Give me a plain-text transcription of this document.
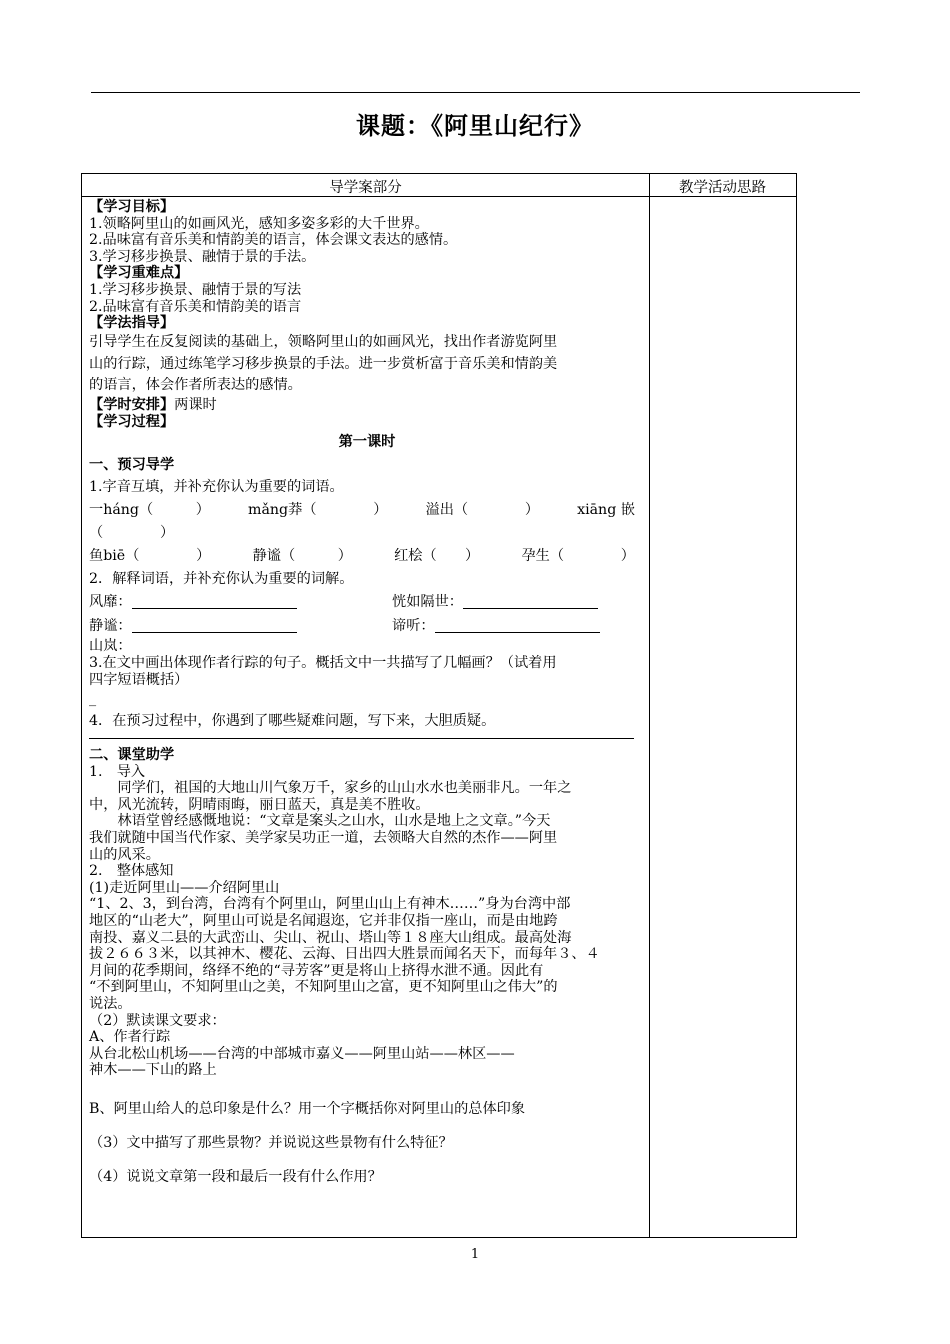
课题：《阿里山纪行》
导学案部分	教学活动思路
【学习目标】
1.领略阿里山的如画风光，感知多姿多彩的大千世界。
2.品味富有音乐美和情韵美的语言，体会课文表达的感情。
3.学习移步换景、融情于景的手法。
【学习重难点】
1.学习移步换景、融情于景的写法
2.品味富有音乐美和情韵美的语言
【学法指导】
引导学生在反复阅读的基础上，领略阿里山的如画风光，找出作者游览阿里
山的行踪，通过练笔学习移步换景的手法。进一步赏析富于音乐美和情韵美
的语言，体会作者所表达的感情。
【学时安排】两课时
【学习过程】
第一课时
一、预习导学
1.字音互填，并补充你认为重要的词语。
一háng（　　　）	mǎng莽（　　　　）	溢出（　　　　）	xiāng 嵌
（　　　　）
鱼biē（　　　　）	静谧（　　　）	红桧（　　）	孕生（　　　　）
2．解释词语，并补充你认为重要的词解。
风靡：	恍如隔世：
静谧：	谛听：
山岚：
3.在文中画出体现作者行踪的句子。概括文中一共描写了几幅画？（试着用
四字短语概括）
_
4．在预习过程中，你遇到了哪些疑难问题，写下来，大胆质疑。
二、课堂助学
1.　导入
　　同学们，祖国的大地山川气象万千，家乡的山山水水也美丽非凡。一年之
中，风光流转，阴晴雨晦，丽日蓝天，真是美不胜收。
　　林语堂曾经感慨地说：“文章是案头之山水，山水是地上之文章。”今天
我们就随中国当代作家、美学家吴功正一道，去领略大自然的杰作——阿里
山的风采。
2.　整体感知
(1)走近阿里山——介绍阿里山
“1、2、3，到台湾，台湾有个阿里山，阿里山山上有神木……”身为台湾中部
地区的“山老大”，阿里山可说是名闻遐迩，它并非仅指一座山，而是由地跨
南投、嘉义二县的大武峦山、尖山、祝山、塔山等１８座大山组成。最高处海
拔２６６３米，以其神木、樱花、云海、日出四大胜景而闻名天下，而每年３、４
月间的花季期间，络绎不绝的“寻芳客”更是将山上挤得水泄不通。因此有
“不到阿里山，不知阿里山之美，不知阿里山之富，更不知阿里山之伟大”的
说法。
（2）默读课文要求：
A、作者行踪
从台北松山机场——台湾的中部城市嘉义——阿里山站——林区——
神木——下山的路上
B、阿里山给人的总印象是什么？用一个字概括你对阿里山的总体印象
（3）文中描写了那些景物？并说说这些景物有什么特征？
（4）说说文章第一段和最后一段有什么作用？
1
